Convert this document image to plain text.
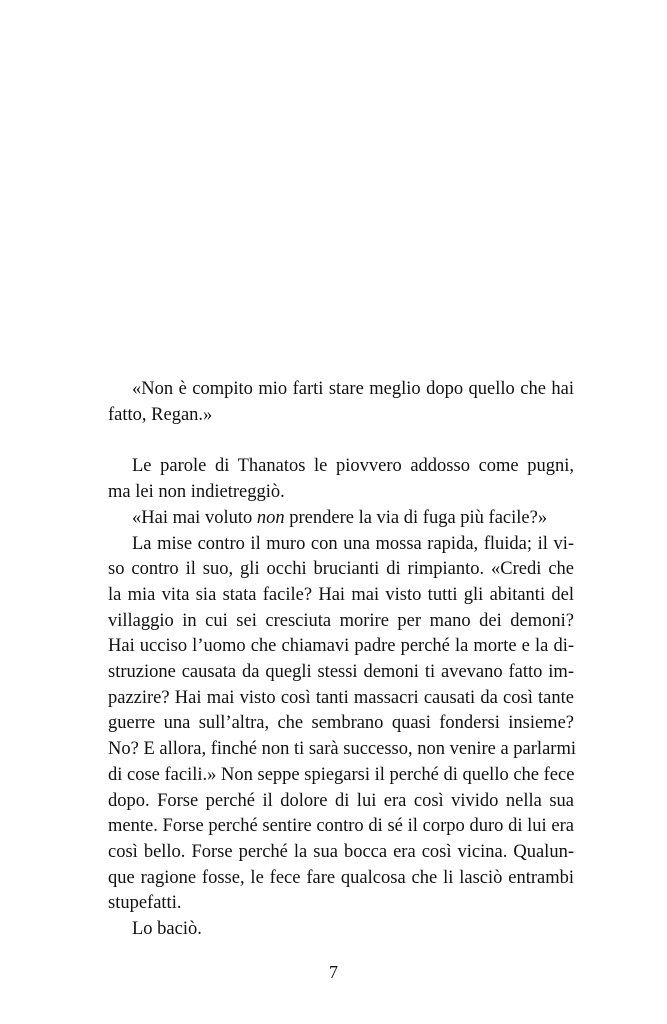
«Non è compito mio farti stare meglio dopo quello che hai
fatto, Regan.»
Le parole di Thanatos le piovvero addosso come pugni,
ma lei non indietreggiò.
«Hai mai voluto non prendere la via di fuga più facile?»
La mise contro il muro con una mossa rapida, fluida; il vi-
so contro il suo, gli occhi brucianti di rimpianto. «Credi che
la mia vita sia stata facile? Hai mai visto tutti gli abitanti del
villaggio in cui sei cresciuta morire per mano dei demoni?
Hai ucciso l’uomo che chiamavi padre perché la morte e la di-
struzione causata da quegli stessi demoni ti avevano fatto im-
pazzire? Hai mai visto così tanti massacri causati da così tante
guerre una sull’altra, che sembrano quasi fondersi insieme?
No? E allora, finché non ti sarà successo, non venire a parlarmi
di cose facili.» Non seppe spiegarsi il perché di quello che fece
dopo. Forse perché il dolore di lui era così vivido nella sua
mente. Forse perché sentire contro di sé il corpo duro di lui era
così bello. Forse perché la sua bocca era così vicina. Qualun-
que ragione fosse, le fece fare qualcosa che li lasciò entrambi
stupefatti.
Lo baciò.
7
